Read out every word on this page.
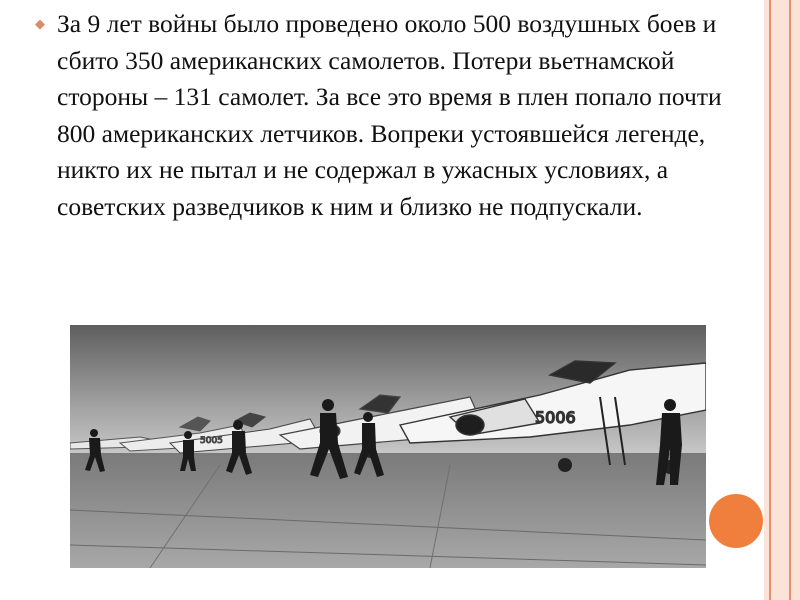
◆ За 9 лет войны было проведено около 500 воздушных боев и сбито 350 американских самолетов. Потери вьетнамской стороны – 131 самолет. За все это время в плен попало почти 800 американских летчиков. Вопреки устоявшейся легенде, никто их не пытал и не содержал в ужасных условиях, а советских разведчиков к ним и близко не подпускали.

5005
5006
